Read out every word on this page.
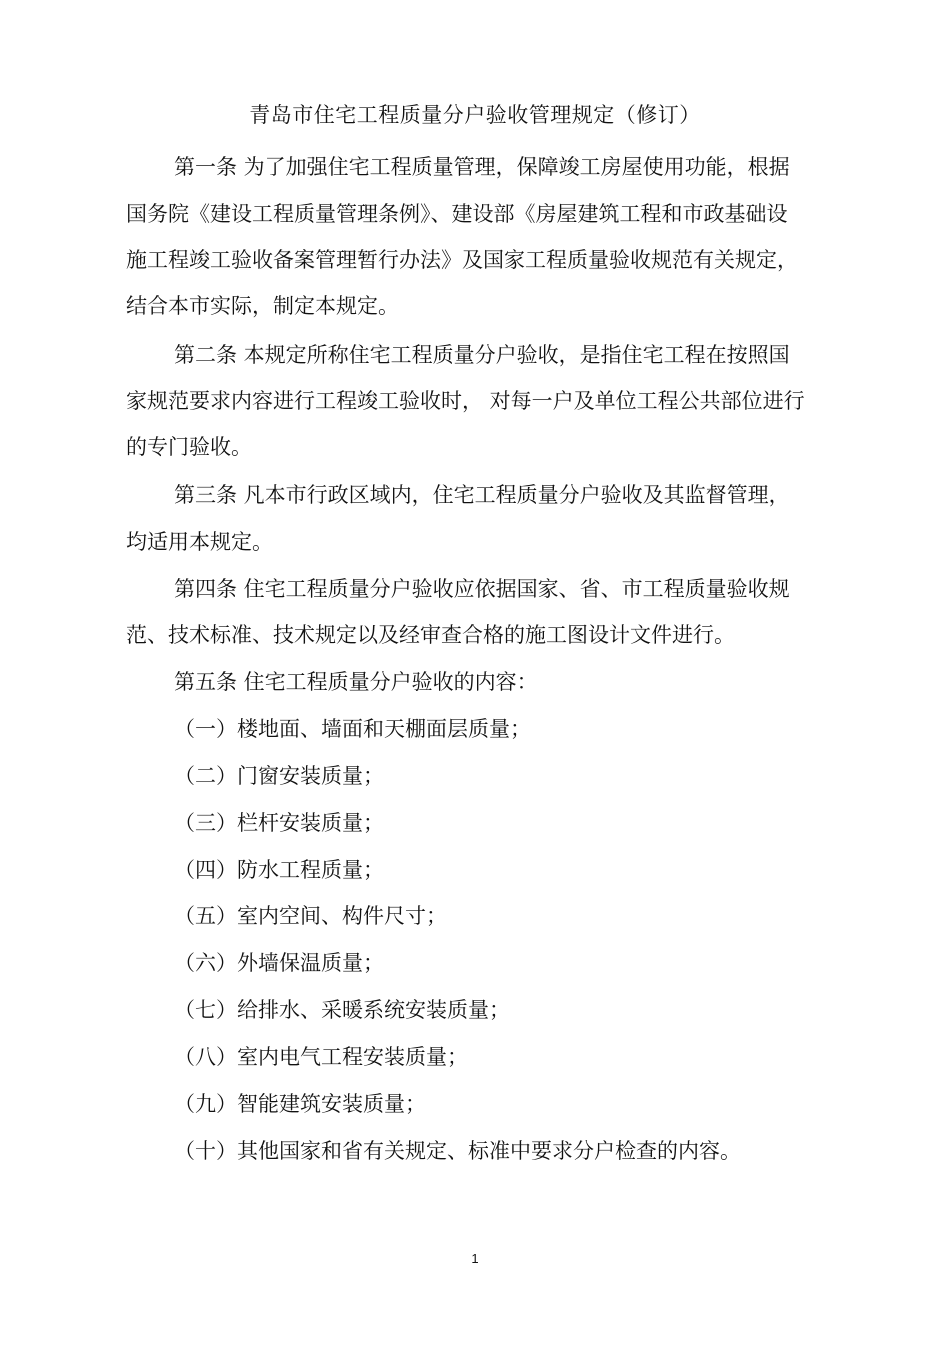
青岛市住宅工程质量分户验收管理规定（修订）
第一条 为了加强住宅工程质量管理，保障竣工房屋使用功能，根据
国务院《建设工程质量管理条例》、建设部《房屋建筑工程和市政基础设
施工程竣工验收备案管理暂行办法》及国家工程质量验收规范有关规定，
结合本市实际，制定本规定。
第二条 本规定所称住宅工程质量分户验收，是指住宅工程在按照国
家规范要求内容进行工程竣工验收时， 对每一户及单位工程公共部位进行
的专门验收。
第三条 凡本市行政区域内，住宅工程质量分户验收及其监督管理，
均适用本规定。
第四条 住宅工程质量分户验收应依据国家、省、市工程质量验收规
范、技术标准、技术规定以及经审查合格的施工图设计文件进行。
第五条 住宅工程质量分户验收的内容：
（一）楼地面、墙面和天棚面层质量；
（二）门窗安装质量；
（三）栏杆安装质量；
（四）防水工程质量；
（五）室内空间、构件尺寸；
（六）外墙保温质量；
（七）给排水、采暖系统安装质量；
（八）室内电气工程安装质量；
（九）智能建筑安装质量；
（十）其他国家和省有关规定、标准中要求分户检查的内容。
1
